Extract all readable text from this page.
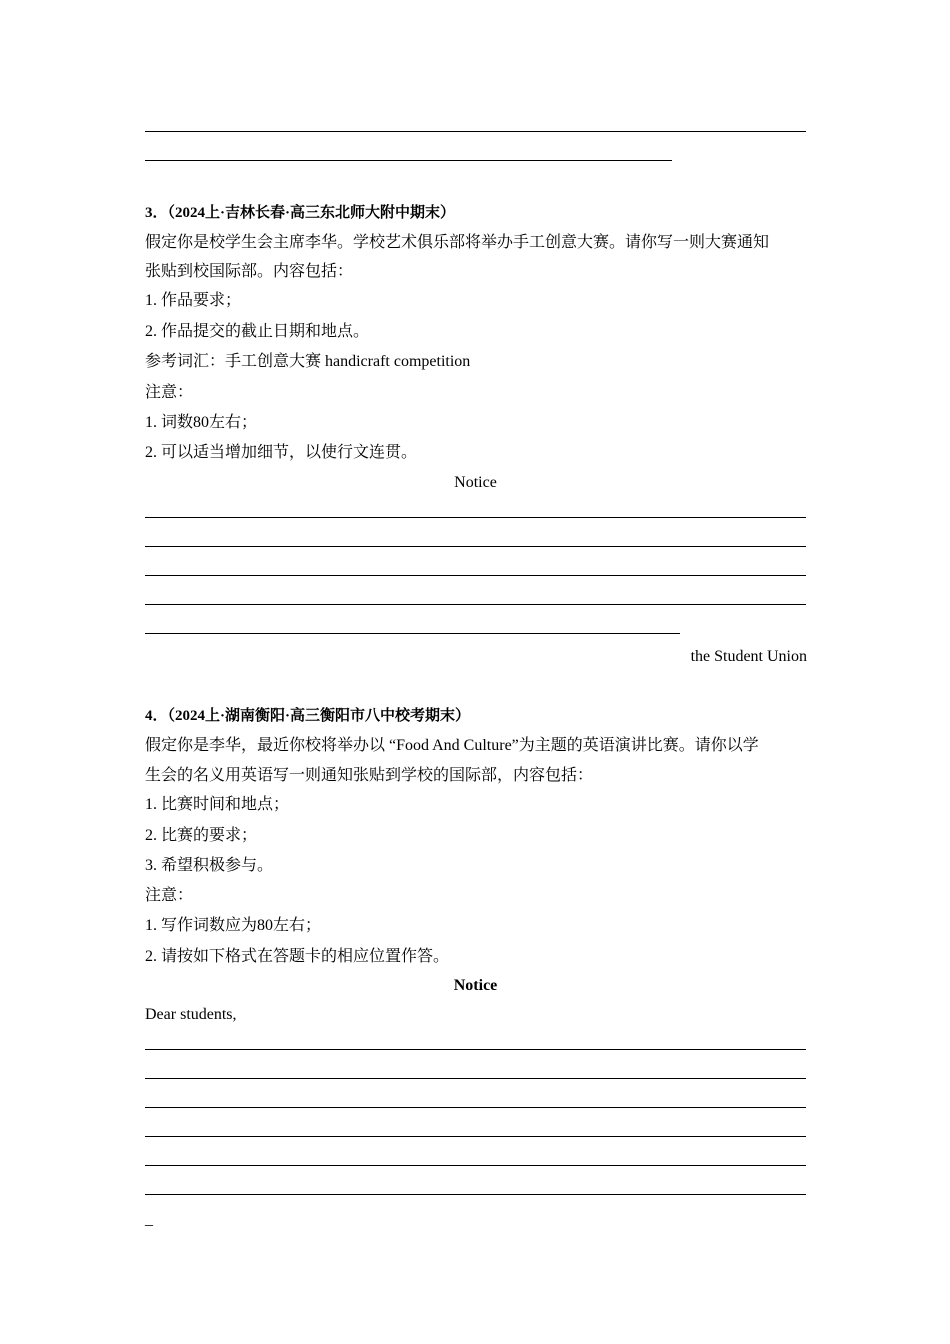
3．（2024上·吉林长春·高三东北师大附中期末）
假定你是校学生会主席李华。学校艺术俱乐部将举办手工创意大赛。请你写一则大赛通知
张贴到校国际部。内容包括：
1. 作品要求；
2. 作品提交的截止日期和地点。
参考词汇：手工创意大赛 handicraft competition
注意：
1. 词数80左右；
2. 可以适当增加细节，以使行文连贯。
Notice
the Student Union
4．（2024上·湖南衡阳·高三衡阳市八中校考期末）
假定你是李华，最近你校将举办以 “Food And Culture”为主题的英语演讲比赛。请你以学
生会的名义用英语写一则通知张贴到学校的国际部，内容包括：
1. 比赛时间和地点；
2. 比赛的要求；
3. 希望积极参与。
注意：
1. 写作词数应为80左右；
2. 请按如下格式在答题卡的相应位置作答。
Notice
Dear students,
_
